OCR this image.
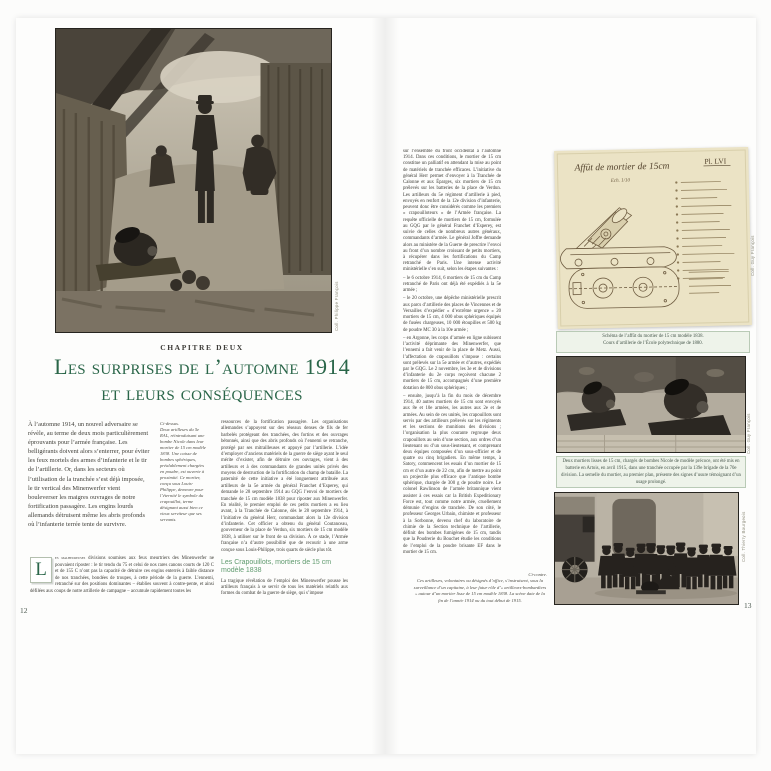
Coll. Philippe François
CHAPITRE DEUX
Les surprises de l’automne 1914
et leurs conséquences
À l’automne 1914, un nouvel adversaire se révèle, au terme de deux mois particulièrement éprouvants pour l’armée française. Les belligérants doivent alors s’enterrer, pour éviter les feux mortels des armes d’infanterie et le tir de l’artillerie. Or, dans les secteurs où l’utilisation de la tranchée s’est déjà imposée, le tir vertical des Minenwerfer vient bouleverser les maigres ouvrages de notre fortification passagère. Les engins lourds allemands détruisent même les abris profonds où l’infanterie terrée tente de survivre.
Ci-dessus.
Deux artilleurs du 5e RAL, réintroduisant une bombe Nicole dans leur mortier de 15 cm modèle 1838. Une caisse de bombes sphériques, préalablement chargées en poudre, est ouverte à proximité. Ce mortier, conçu sous Louis-Philippe, demeure pour l’éternité le symbole du crapouillot, terme désignant aussi bien ce vieux serviteur que ses servants.

ressources de la fortification passagère. Les organisations allemandes s’appuyent sur des réseaux denses de fils de fer barbelés protégeant des tranchées, des fortins et des ouvrages bétonnés, ainsi que des abris profonds où l’ennemi se retranche, protégé par ses mitrailleuses et appuyé par l’artillerie. L’idée d’employer d’anciens matériels de la guerre de siège ayant le seul mérite d’exister, afin de détruire ces ouvrages, vient à des artilleurs et à des commandants de grandes unités privés des moyens de destruction de la fortification du champ de bataille. La paternité de cette initiative a été longuement attribuée aux artilleurs de la 5e armée du général Franchet d’Esperey, qui demande le 28 septembre 1914 au GQG l’envoi de mortiers de tranchée de 15 cm modèle 1838 pour riposter aux Minenwerfer. En réalité, le premier emploi de ces petits mortiers a eu lieu avant, à la Tranchée de Calonne, dès le 28 septembre 1914, à l’initiative du général Herr, commandant alors la 12e division d’infanterie. Cet officier a obtenu du général Coutanceau, gouverneur de la place de Verdun, six mortiers de 15 cm modèle 1838, à utiliser sur le front de sa division. À ce stade, l’Armée française n’a d’autre possibilité que de recourir à une arme conçue sous Louis-Philippe, trois quarts de siècle plus tôt.

Les Crapouillots, mortiers de 15 cm modèle 1838

La tragique révélation de l’emploi des Minenwerfer pousse les artilleurs français à se servir de tous les matériels relatifs aux formes du combat de la guerre de siège, qui s’impose

L
es malheureuses divisions soumises aux feux meurtriers des Minenwerfer ne pouvaient riposter : le tir tendu du 75 et celui de nos rares canons courts de 120 C et de 155 C n’ont pas la capacité de détruire ces engins enterrés à faible distance de nos tranchées, bondées de troupes, à cette période de la guerre. L’ennemi, retranché sur des positions dominantes – établies souvent à contre-pente, et ainsi défilées aux coups de notre artillerie de campagne – accumule rapidement toutes les
12

sur l’ensemble du front occidental à l’automne 1914. Dans ces conditions, le mortier de 15 cm constitue un palliatif en attendant la mise au point de matériels de tranchée efficaces. L’initiative du général Herr permet d’envoyer à la Tranchée de Calonne et aux Éparges, six mortiers de 15 cm prélevés sur les batteries de la place de Verdun. Les artilleurs du 5e régiment d’artillerie à pied, envoyés en renfort de la 12e division d’infanterie, peuvent donc être considérés comme les premiers « crapouilloteurs » de l’Armée française. La requête officielle de mortiers de 15 cm, formulée au GQG par le général Franchet d’Esperey, est suivie de celles de nombreux autres généraux, commandants d’armée. Le général Joffre demande alors au ministère de la Guerre de prescrire l’envoi au front d’un nombre croissant de petits mortiers, à récupérer dans les fortifications du Camp retranché de Paris. Une intense activité ministérielle s’en suit, selon les étapes suivantes :

– le 6 octobre 1914, 6 mortiers de 15 cm du Camp retranché de Paris ont déjà été expédiés à la 5e armée ;

– le 20 octobre, une dépêche ministérielle prescrit aux parcs d’artillerie des places de Vincennes et de Versailles d’expédier « d’extrême urgence » 20 mortiers de 15 cm, 4 000 obus sphériques équipés de fusées chargeuses, 10 000 étoupilles et 500 kg de poudre MC 30 à la 10e armée ;

– en Argonne, les corps d’armée en ligne subissent l’activité déprimante des Minenwerfer, que l’ennemi a fait venir de la place de Metz. Aussi, l’affectation de crapouillots s’impose : certains sont prélevés sur la 5e armée et d’autres, expédiés par le GQG. Le 2 novembre, les 3e et 4e divisions d’infanterie du 2e corps reçoivent chacune 2 mortiers de 15 cm, accompagnés d’une première dotation de 800 obus sphériques ;

– ensuite, jusqu’à la fin du mois de décembre 1914, 40 autres mortiers de 15 cm sont envoyés aux 8e et 10e armées, les autres aux 2e et 4e armées. Au sein de ces unités, les crapouillots sont servis par des artilleurs prélevés sur les régiments et les sections de munitions des divisions ; l’organisation la plus courante regroupe deux crapouillots au sein d’une section, aux ordres d’un lieutenant ou d’un sous-lieutenant, et comprenant deux équipes composées d’un sous-officier et de quatre ou cinq brigadiers. En même temps, à Satory, commencent les essais d’un mortier de 15 cm et d’un autre de 22 cm, afin de mettre au point un projectile plus efficace que l’antique bombe sphérique, chargée de 300 g de poudre noire. Le colonel Rawlinson de l’armée britannique vient assister à ces essais car la British Expeditionary Force est, tout comme notre armée, cruellement démunie d’engins de tranchée. De son côté, le professeur Georges Urbain, chimiste et professeur à la Sorbonne, devenu chef du laboratoire de chimie de la Section technique de l’artillerie, définit des bombes fumigènes de 15 cm, tandis que la Poudrerie du Bouchet étudie les conditions de l’emploi de la poudre brisante EF dans le mortier de 15 cm.

Ci-contre.
Ces artilleurs, volontaires ou désignés d’office, s’instruisent, sous la surveillance d’un capitaine, à leur futur rôle d’« artilleurs-bombardiers » autour d’un mortier lisse de 15 cm modèle 1838. La scène date de la fin de l’année 1914 ou du tout début de 1915.
Affût de mortier de 15cm
Pl. LVI
Ech. 1/10
Coll. Guy François
Schéma de l’affût du mortier de 15 cm modèle 1838.
Cours d’artillerie de l’École polytechnique de 1880.
Coll. Guy François
Deux mortiers lisses de 15 cm, chargés de bombes Nicole de modèle précoce, ont été mis en batterie en Artois, en avril 1915, dans une tranchée occupée par la 139e brigade de la 70e division. La semelle du mortier, au premier plan, présente des signes d’usure témoignant d’un usage prolongé.
Coll. Thierry Bourgeois
13
